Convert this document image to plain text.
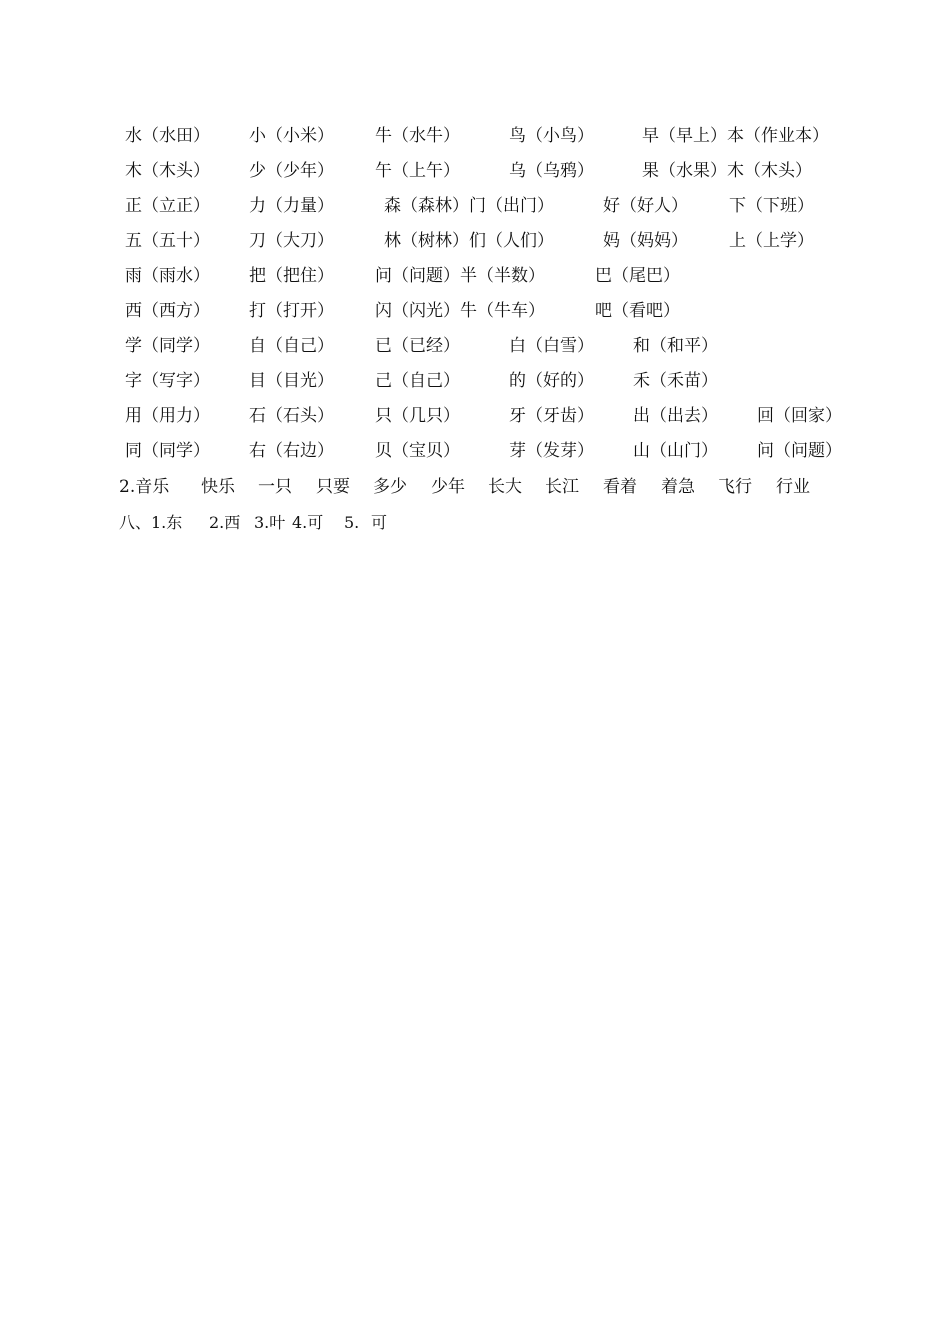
水（水田） 小（小米） 牛（水牛）	鸟（小鸟）	早（早上）本（作业本）
木（木头） 少（少年） 午（上午）	乌（乌鸦）	果（水果）木（木头）
正（立正） 力（力量）	森（森林）门（出门）	好（好人） 下（下班）
五（五十） 刀（大刀）	林（树林）们（人们）	妈（妈妈） 上（上学）
雨（雨水） 把（把住） 问（问题）半（半数）	巴（尾巴）
西（西方） 打（打开） 闪（闪光）牛（牛车）	吧（看吧）
学（同学） 自（自己） 已（已经）	白（白雪） 和（和平）
字（写字） 目（目光） 己（自己）	的（好的） 禾（禾苗）
用（用力） 石（石头） 只（几只）	牙（牙齿） 出（出去） 回（回家）
同（同学） 右（右边） 贝（宝贝）	芽（发芽） 山（山门） 问（问题）
2.音乐 快乐 一只 只要 多少 少年 长大 长江 看着 着急 飞行 行业
八、1.东 2.西 3.叶 4.可 5. 可
